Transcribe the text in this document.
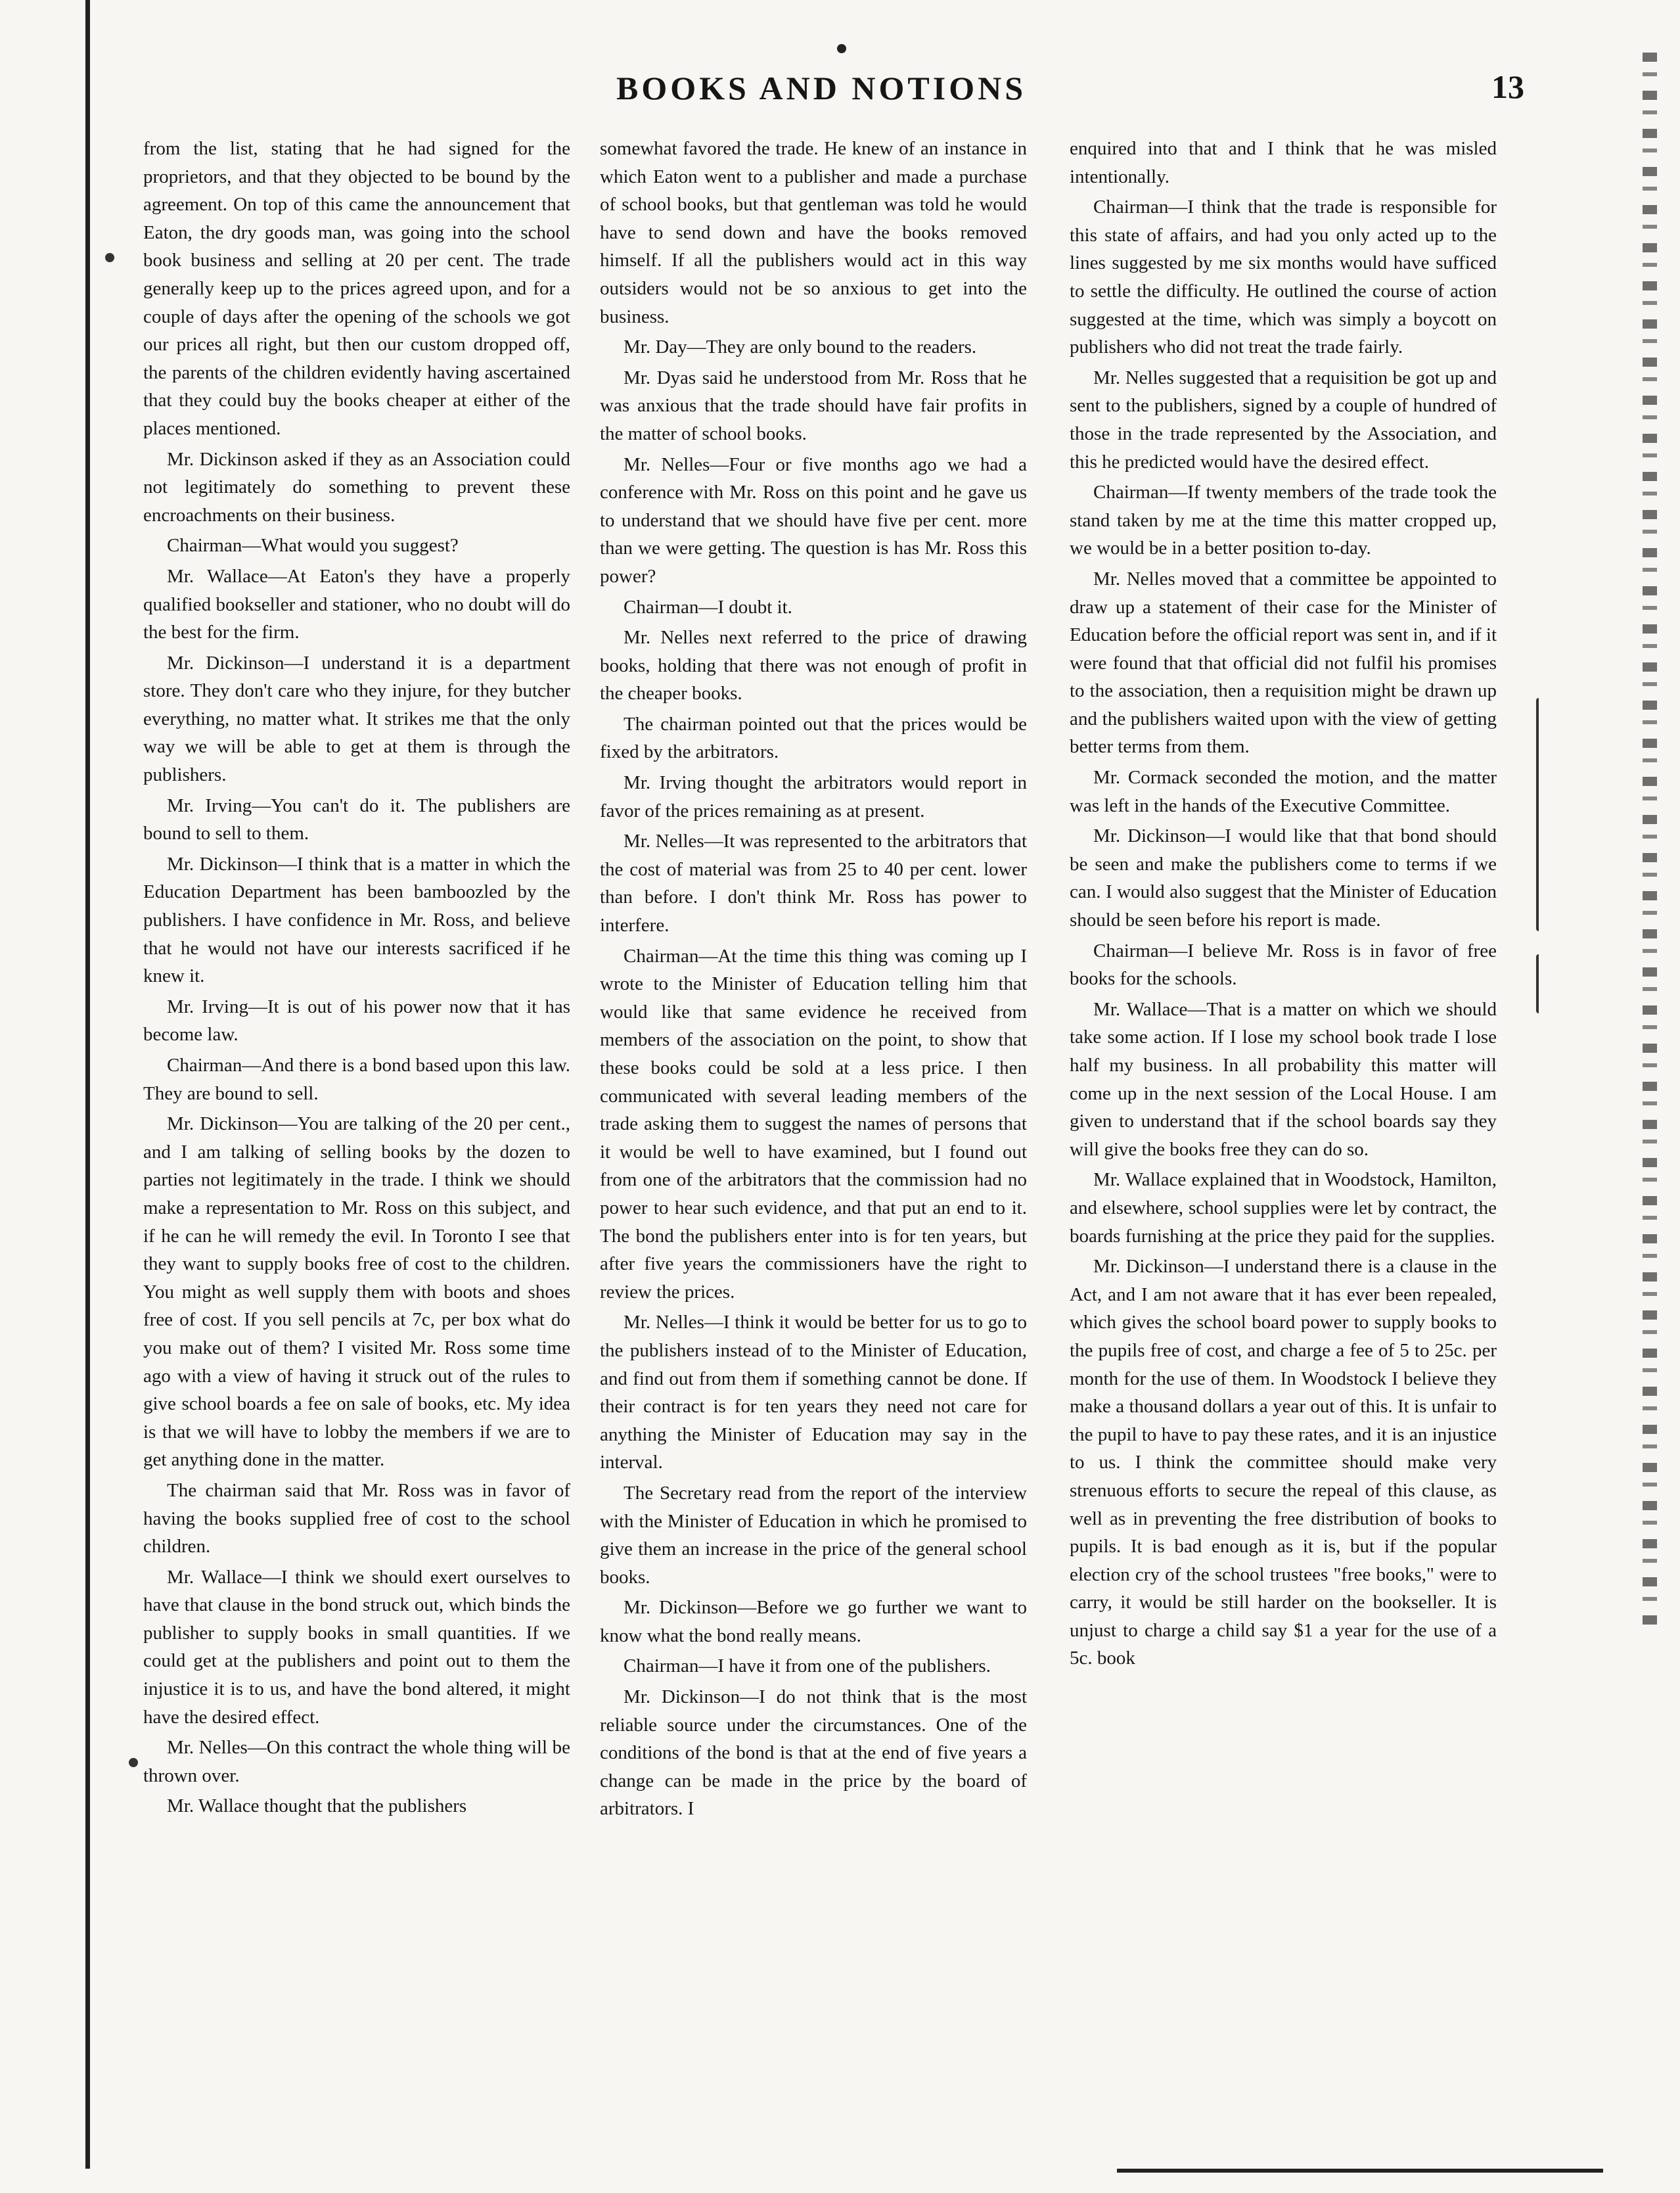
BOOKS AND NOTIONS	13

from the list, stating that he had signed for the proprietors, and that they objected to be bound by the agreement. On top of this came the announcement that Eaton, the dry goods man, was going into the school book business and selling at 20 per cent. The trade generally keep up to the prices agreed upon, and for a couple of days after the opening of the schools we got our prices all right, but then our custom dropped off, the parents of the children evidently having ascertained that they could buy the books cheaper at either of the places mentioned.

Mr. Dickinson asked if they as an Association could not legitimately do something to prevent these encroachments on their business.

Chairman—What would you suggest?

Mr. Wallace—At Eaton's they have a properly qualified bookseller and stationer, who no doubt will do the best for the firm.

Mr. Dickinson—I understand it is a department store. They don't care who they injure, for they butcher everything, no matter what. It strikes me that the only way we will be able to get at them is through the publishers.

Mr. Irving—You can't do it. The publishers are bound to sell to them.

Mr. Dickinson—I think that is a matter in which the Education Department has been bamboozled by the publishers. I have confidence in Mr. Ross, and believe that he would not have our interests sacrificed if he knew it.

Mr. Irving—It is out of his power now that it has become law.

Chairman—And there is a bond based upon this law. They are bound to sell.

Mr. Dickinson—You are talking of the 20 per cent., and I am talking of selling books by the dozen to parties not legitimately in the trade. I think we should make a representation to Mr. Ross on this subject, and if he can he will remedy the evil. In Toronto I see that they want to supply books free of cost to the children. You might as well supply them with boots and shoes free of cost. If you sell pencils at 7c, per box what do you make out of them? I visited Mr. Ross some time ago with a view of having it struck out of the rules to give school boards a fee on sale of books, etc. My idea is that we will have to lobby the members if we are to get anything done in the matter.

The chairman said that Mr. Ross was in favor of having the books supplied free of cost to the school children.

Mr. Wallace—I think we should exert ourselves to have that clause in the bond struck out, which binds the publisher to supply books in small quantities. If we could get at the publishers and point out to them the injustice it is to us, and have the bond altered, it might have the desired effect.

Mr. Nelles—On this contract the whole thing will be thrown over.

Mr. Wallace thought that the publishers

somewhat favored the trade. He knew of an instance in which Eaton went to a publisher and made a purchase of school books, but that gentleman was told he would have to send down and have the books removed himself. If all the publishers would act in this way outsiders would not be so anxious to get into the business.

Mr. Day—They are only bound to the readers.

Mr. Dyas said he understood from Mr. Ross that he was anxious that the trade should have fair profits in the matter of school books.

Mr. Nelles—Four or five months ago we had a conference with Mr. Ross on this point and he gave us to understand that we should have five per cent. more than we were getting. The question is has Mr. Ross this power?

Chairman—I doubt it.

Mr. Nelles next referred to the price of drawing books, holding that there was not enough of profit in the cheaper books.

The chairman pointed out that the prices would be fixed by the arbitrators.

Mr. Irving thought the arbitrators would report in favor of the prices remaining as at present.

Mr. Nelles—It was represented to the arbitrators that the cost of material was from 25 to 40 per cent. lower than before. I don't think Mr. Ross has power to interfere.

Chairman—At the time this thing was coming up I wrote to the Minister of Education telling him that would like that same evidence he received from members of the association on the point, to show that these books could be sold at a less price. I then communicated with several leading members of the trade asking them to suggest the names of persons that it would be well to have examined, but I found out from one of the arbitrators that the commission had no power to hear such evidence, and that put an end to it. The bond the publishers enter into is for ten years, but after five years the commissioners have the right to review the prices.

Mr. Nelles—I think it would be better for us to go to the publishers instead of to the Minister of Education, and find out from them if something cannot be done. If their contract is for ten years they need not care for anything the Minister of Education may say in the interval.

The Secretary read from the report of the interview with the Minister of Education in which he promised to give them an increase in the price of the general school books.

Mr. Dickinson—Before we go further we want to know what the bond really means.

Chairman—I have it from one of the publishers.

Mr. Dickinson—I do not think that is the most reliable source under the circumstances. One of the conditions of the bond is that at the end of five years a change can be made in the price by the board of arbitrators. I

enquired into that and I think that he was misled intentionally.

Chairman—I think that the trade is responsible for this state of affairs, and had you only acted up to the lines suggested by me six months would have sufficed to settle the difficulty. He outlined the course of action suggested at the time, which was simply a boycott on publishers who did not treat the trade fairly.

Mr. Nelles suggested that a requisition be got up and sent to the publishers, signed by a couple of hundred of those in the trade represented by the Association, and this he predicted would have the desired effect.

Chairman—If twenty members of the trade took the stand taken by me at the time this matter cropped up, we would be in a better position to-day.

Mr. Nelles moved that a committee be appointed to draw up a statement of their case for the Minister of Education before the official report was sent in, and if it were found that that official did not fulfil his promises to the association, then a requisition might be drawn up and the publishers waited upon with the view of getting better terms from them.

Mr. Cormack seconded the motion, and the matter was left in the hands of the Executive Committee.

Mr. Dickinson—I would like that that bond should be seen and make the publishers come to terms if we can. I would also suggest that the Minister of Education should be seen before his report is made.

Chairman—I believe Mr. Ross is in favor of free books for the schools.

Mr. Wallace—That is a matter on which we should take some action. If I lose my school book trade I lose half my business. In all probability this matter will come up in the next session of the Local House. I am given to understand that if the school boards say they will give the books free they can do so.

Mr. Wallace explained that in Woodstock, Hamilton, and elsewhere, school supplies were let by contract, the boards furnishing at the price they paid for the supplies.

Mr. Dickinson—I understand there is a clause in the Act, and I am not aware that it has ever been repealed, which gives the school board power to supply books to the pupils free of cost, and charge a fee of 5 to 25c. per month for the use of them. In Woodstock I believe they make a thousand dollars a year out of this. It is unfair to the pupil to have to pay these rates, and it is an injustice to us. I think the committee should make very strenuous efforts to secure the repeal of this clause, as well as in preventing the free distribution of books to pupils. It is bad enough as it is, but if the popular election cry of the school trustees "free books," were to carry, it would be still harder on the bookseller. It is unjust to charge a child say $1 a year for the use of a 5c. book
